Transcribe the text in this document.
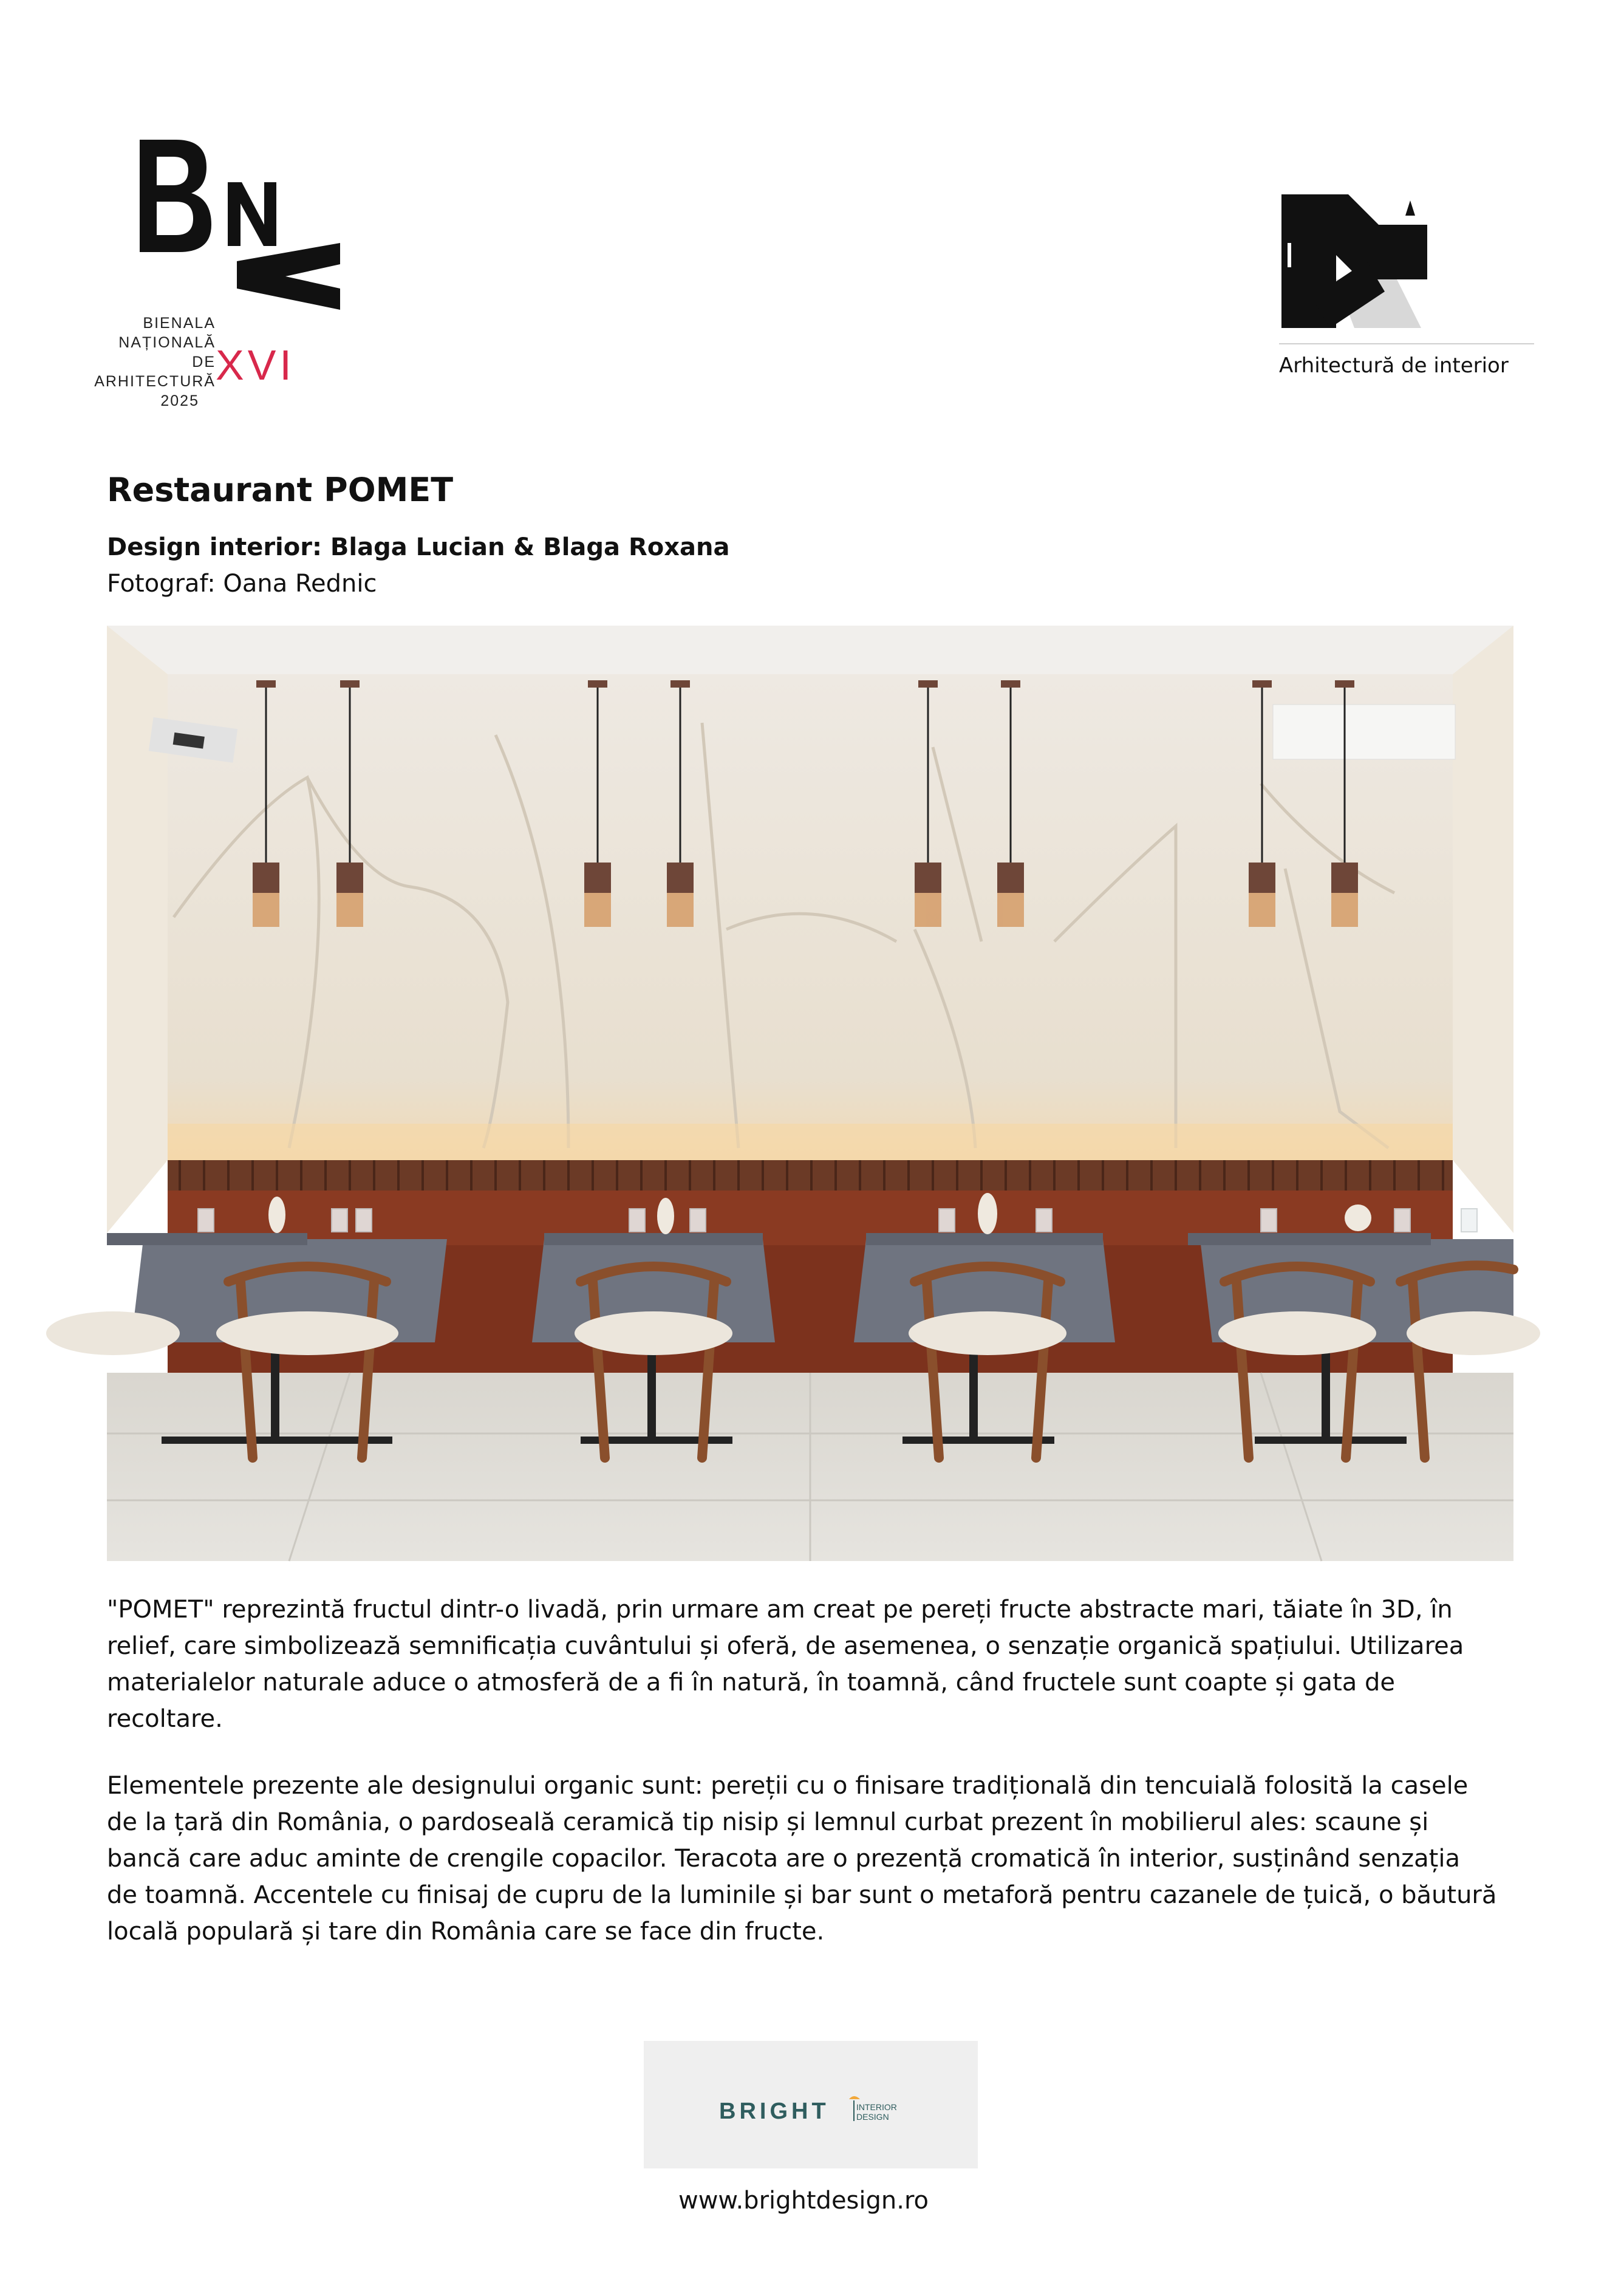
BIENALA
NAȚIONALĂ
DE
ARHITECTURĂ
2025
XVI	Arhitectură de interior
Restaurant POMET
Design interior: Blaga Lucian & Blaga Roxana
Fotograf: Oana Rednic
"POMET" reprezintă fructul dintr-o livadă, prin urmare am creat pe pereți fructe abstracte mari, tăiate în 3D, în relief, care simbolizează semnificația cuvântului și oferă, de asemenea, o senzație organică spațiului. Utilizarea materialelor naturale aduce o atmosferă de a fi în natură, în toamnă, când fructele sunt coapte și gata de recoltare.
Elementele prezente ale designului organic sunt: pereții cu o finisare tradițională din tencuială folosită la casele de la țară din România, o pardoseală ceramică tip nisip și lemnul curbat prezent în mobilierul ales: scaune și bancă care aduc aminte de crengile copacilor. Teracota are o prezență cromatică în interior, susținând senzația de toamnă. Accentele cu finisaj de cupru de la luminile și bar sunt o metaforă pentru cazanele de țuică, o băutură locală populară și tare din România care se face din fructe.
BRIGHT	INTERIOR
DESIGN
www.brightdesign.ro
